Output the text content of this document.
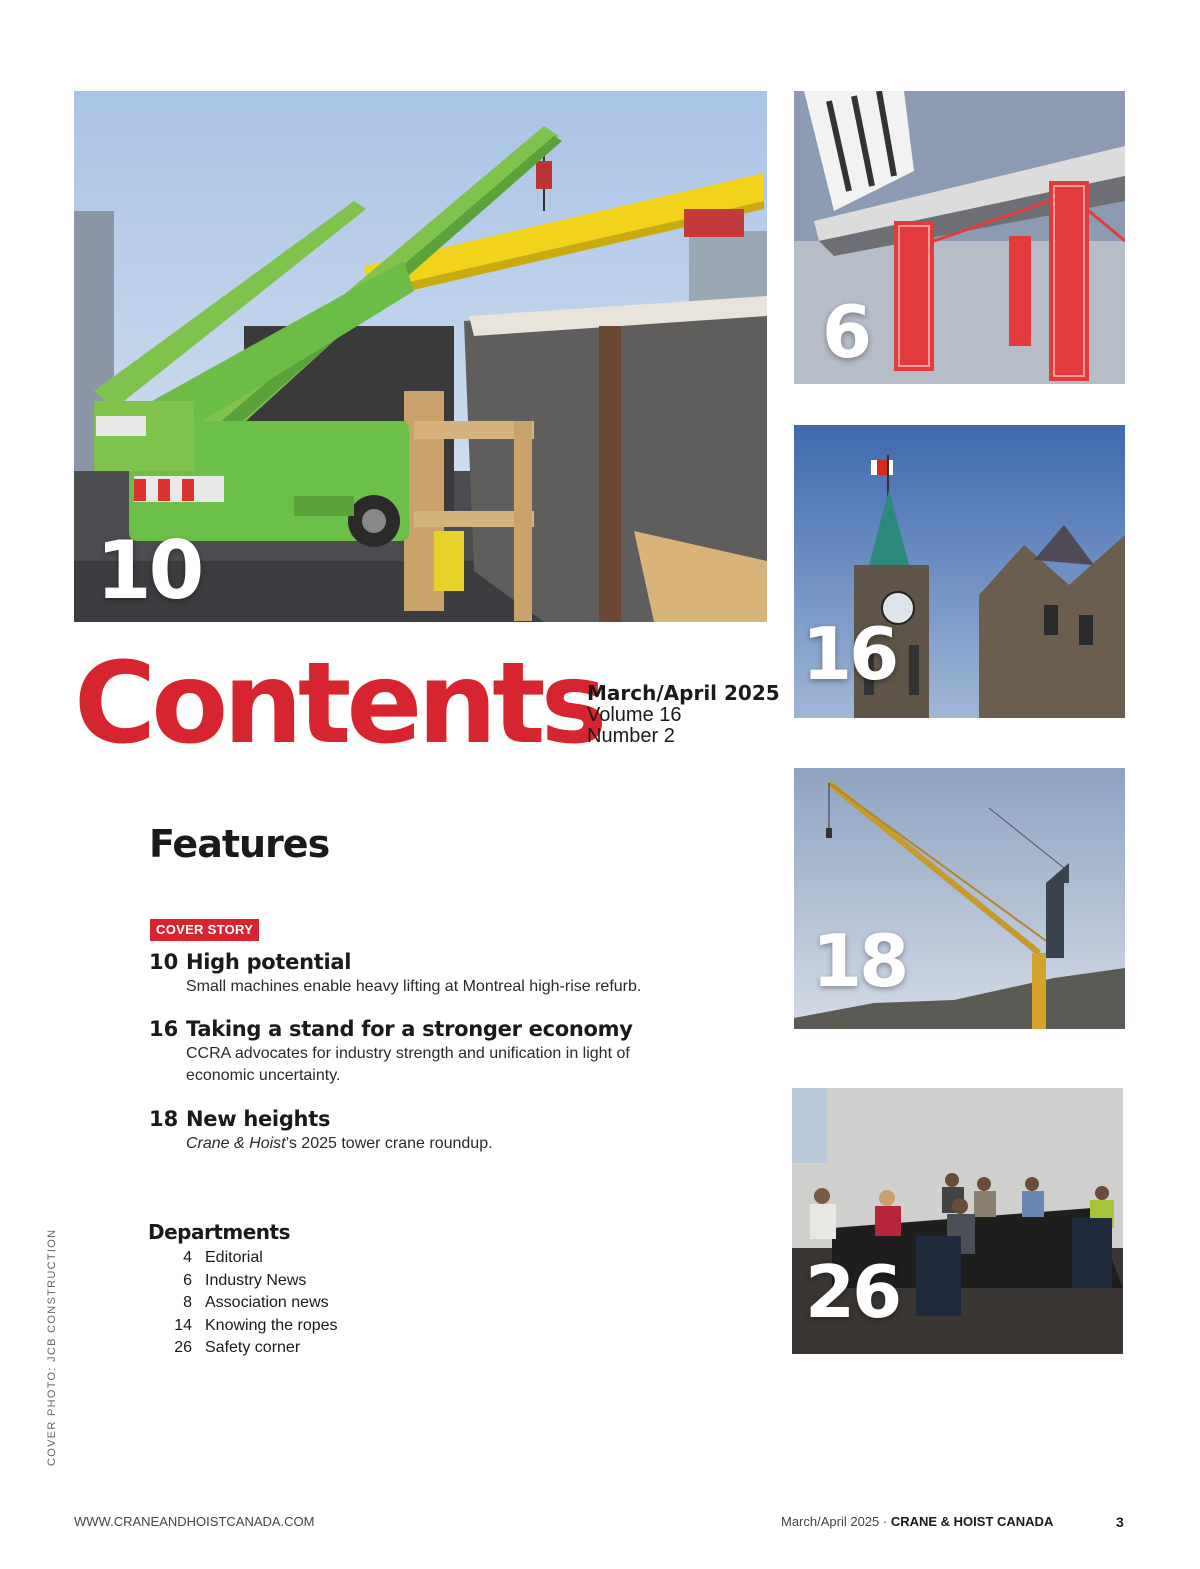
10
6
16
18
26
Contents
March/April 2025
Volume 16
Number 2
Features
COVER STORY
10 High potential
Small machines enable heavy lifting at Montreal high-rise refurb.
16 Taking a stand for a stronger economy
CCRA advocates for industry strength and unification in light of economic uncertainty.
18 New heights
Crane & Hoist’s 2025 tower crane roundup.
Departments
4 Editorial
6 Industry News
8 Association news
14 Knowing the ropes
26 Safety corner
COVER PHOTO: JCB CONSTRUCTION
WWW.CRANEANDHOISTCANADA.COM	March/April 2025 · CRANE & HOIST CANADA	3
